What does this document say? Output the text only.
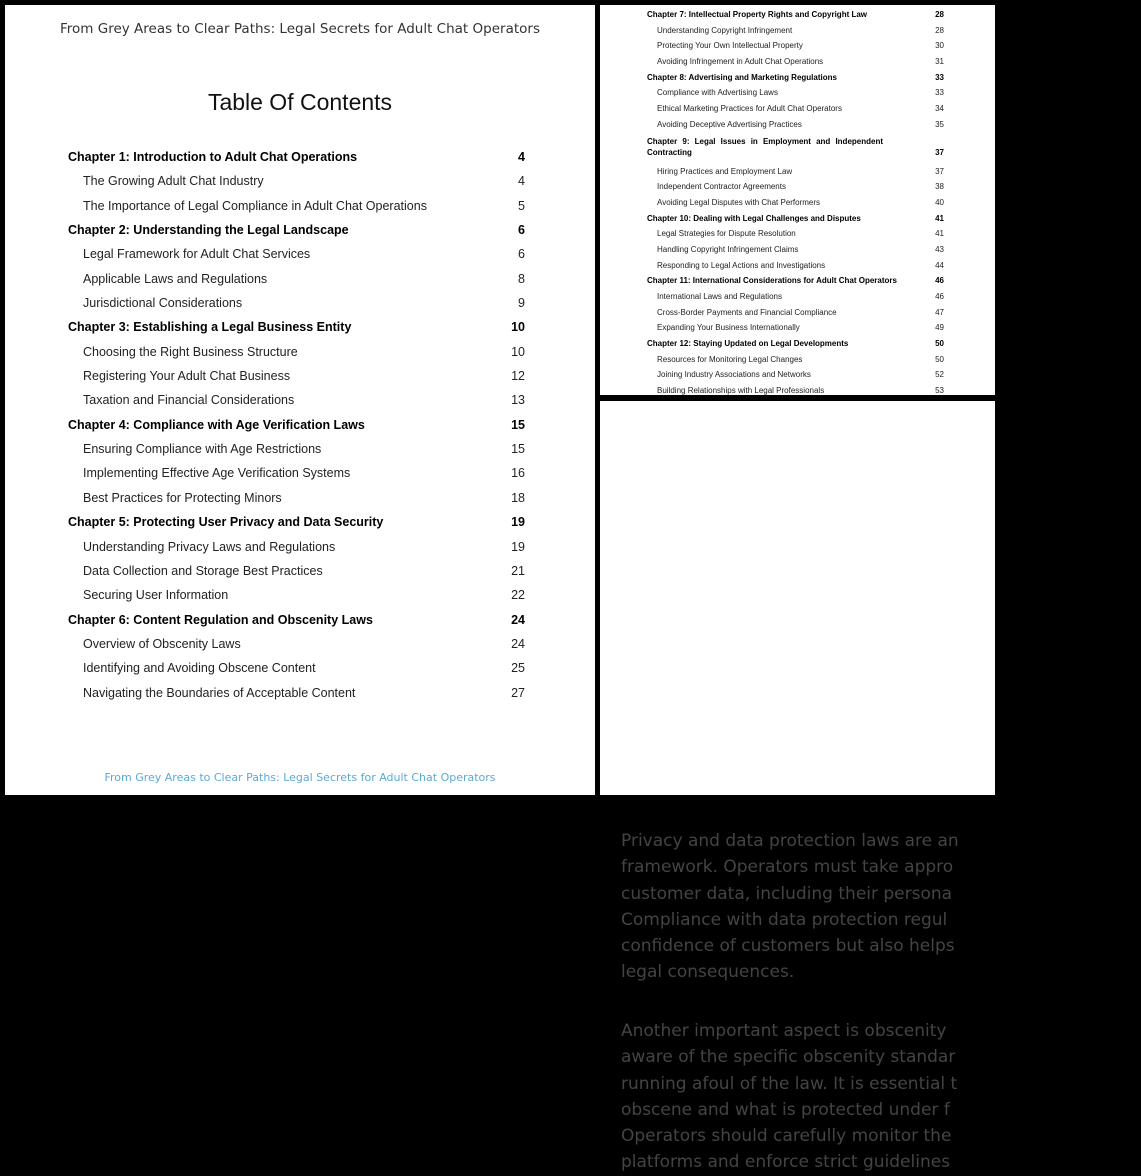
From Grey Areas to Clear Paths: Legal Secrets for Adult Chat Operators
Table Of Contents
Chapter 1: Introduction to Adult Chat Operations	4
The Growing Adult Chat Industry	4
The Importance of Legal Compliance in Adult Chat Operations	5
Chapter 2: Understanding the Legal Landscape	6
Legal Framework for Adult Chat Services	6
Applicable Laws and Regulations	8
Jurisdictional Considerations	9
Chapter 3: Establishing a Legal Business Entity	10
Choosing the Right Business Structure	10
Registering Your Adult Chat Business	12
Taxation and Financial Considerations	13
Chapter 4: Compliance with Age Verification Laws	15
Ensuring Compliance with Age Restrictions	15
Implementing Effective Age Verification Systems	16
Best Practices for Protecting Minors	18
Chapter 5: Protecting User Privacy and Data Security	19
Understanding Privacy Laws and Regulations	19
Data Collection and Storage Best Practices	21
Securing User Information	22
Chapter 6: Content Regulation and Obscenity Laws	24
Overview of Obscenity Laws	24
Identifying and Avoiding Obscene Content	25
Navigating the Boundaries of Acceptable Content	27
From Grey Areas to Clear Paths: Legal Secrets for Adult Chat Operators
Chapter 7: Intellectual Property Rights and Copyright Law	28
Understanding Copyright Infringement	28
Protecting Your Own Intellectual Property	30
Avoiding Infringement in Adult Chat Operations	31
Chapter 8: Advertising and Marketing Regulations	33
Compliance with Advertising Laws	33
Ethical Marketing Practices for Adult Chat Operators	34
Avoiding Deceptive Advertising Practices	35
Chapter 9: Legal Issues in Employment and Independent Contracting	37
Hiring Practices and Employment Law	37
Independent Contractor Agreements	38
Avoiding Legal Disputes with Chat Performers	40
Chapter 10: Dealing with Legal Challenges and Disputes	41
Legal Strategies for Dispute Resolution	41
Handling Copyright Infringement Claims	43
Responding to Legal Actions and Investigations	44
Chapter 11: International Considerations for Adult Chat Operators	46
International Laws and Regulations	46
Cross-Border Payments and Financial Compliance	47
Expanding Your Business Internationally	49
Chapter 12: Staying Updated on Legal Developments	50
Resources for Monitoring Legal Changes	50
Joining Industry Associations and Networks	52
Building Relationships with Legal Professionals	53
Privacy and data protection laws are an
framework. Operators must take appro
customer data, including their persona
Compliance with data protection regul
confidence of customers but also helps
legal consequences.
Another important aspect is obscenity
aware of the specific obscenity standar
running afoul of the law. It is essential t
obscene and what is protected under f
Operators should carefully monitor the
platforms and enforce strict guidelines
